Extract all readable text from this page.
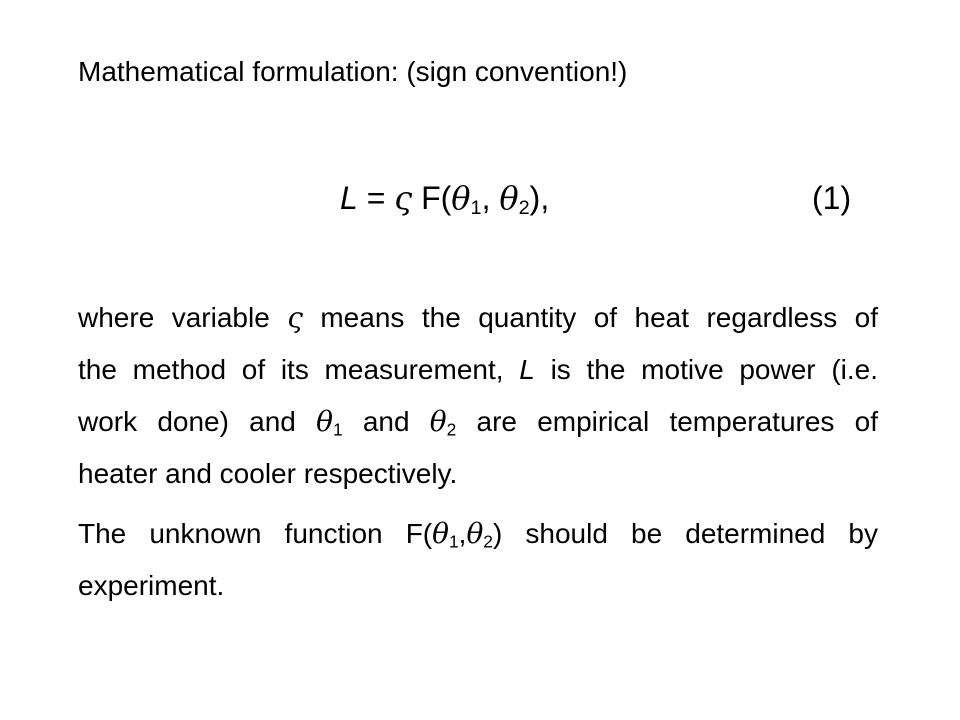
Mathematical formulation: (sign convention!)
L = ς $F(\theta_1$, $\theta_2$),	(1)
where variable ς means the quantity of heat regardless of
the method of its measurement, L is the motive power (i.e.
work done) and $\theta_1$ and $\theta_2$ are empirical temperatures of
heater and cooler respectively.
The unknown function $F(\theta_1,\theta_2)$ should be determined by
experiment.
